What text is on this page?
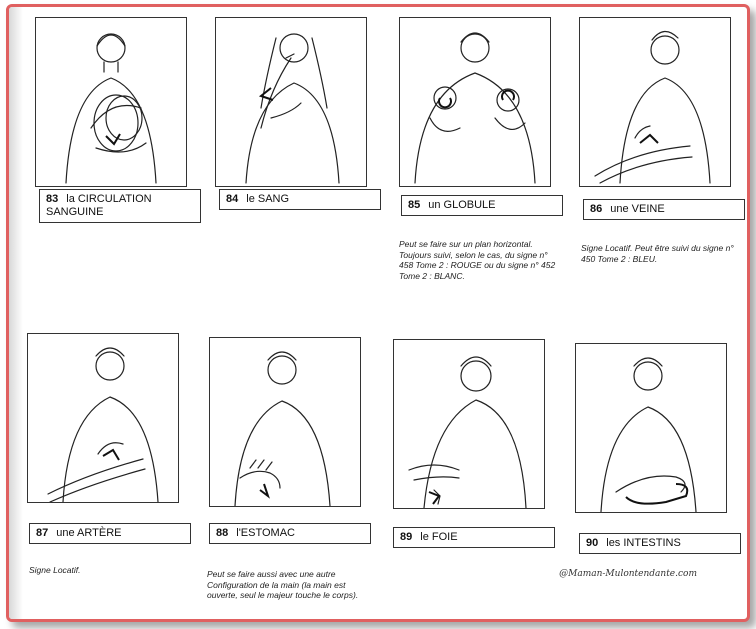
83 la CIRCULATION SANGUINE
84 le SANG	85 un GLOBULE
Peut se faire sur un plan horizontal. Toujours suivi, selon le cas, du signe n° 458 Tome 2 : ROUGE ou du signe n° 452 Tome 2 : BLANC.
86 une VEINE
Signe Locatif. Peut être suivi du signe n° 450 Tome 2 : BLEU.
87 une ARTÈRE
Signe Locatif.
88 l'ESTOMAC
Peut se faire aussi avec une autre Configuration de la main (la main est ouverte, seul le majeur touche le corps).
89 le FOIE	90 les INTESTINS
@Maman-Mulontendante.com
